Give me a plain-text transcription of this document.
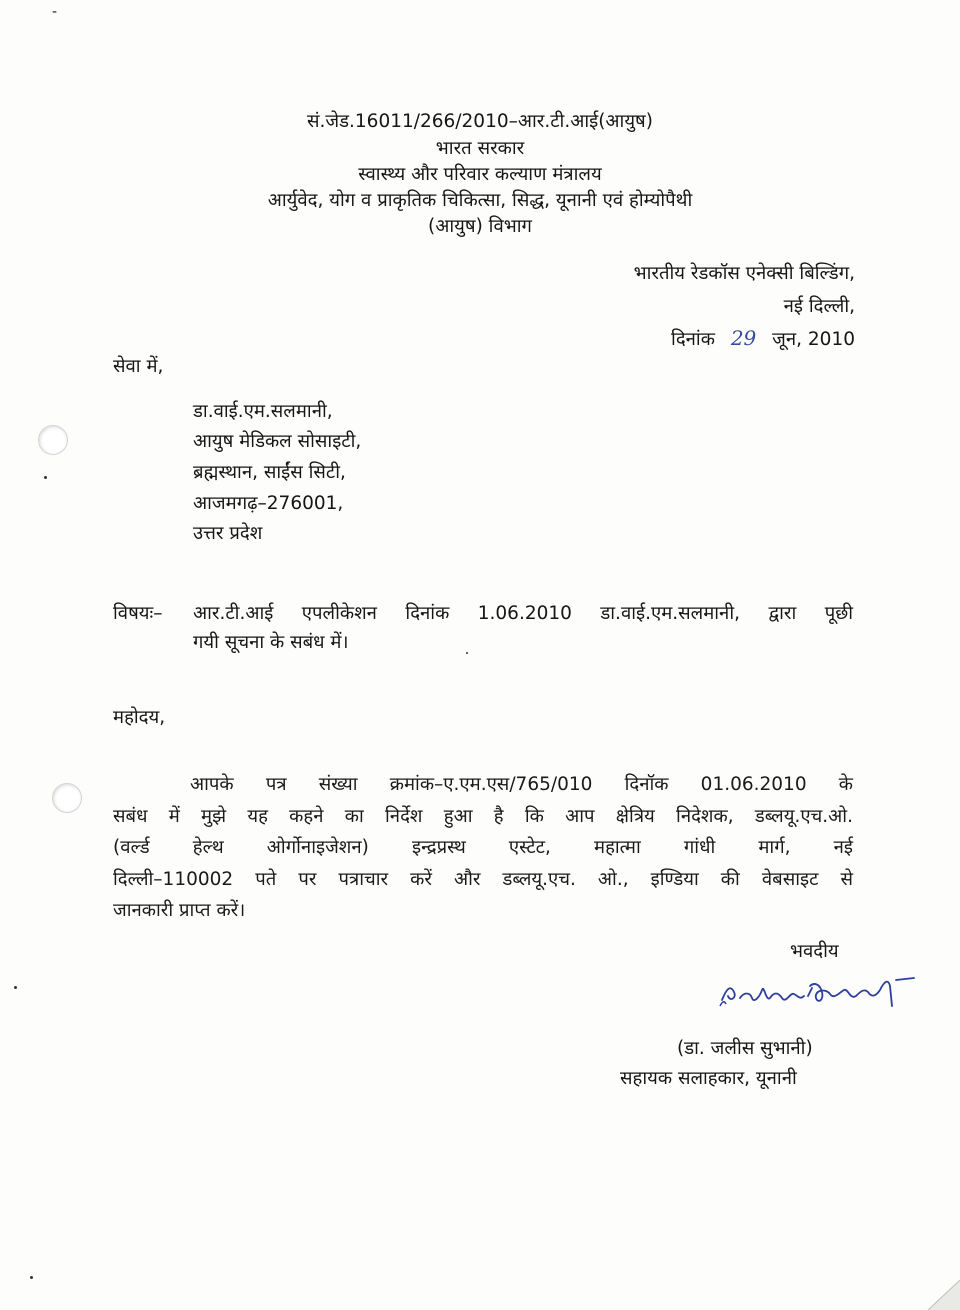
-
सं.जेड.16011/266/2010–आर.टी.आई(आयुष)
भारत सरकार
स्वास्थ्य और परिवार कल्याण मंत्रालय
आर्युवेद, योग व प्राकृतिक चिकित्सा, सिद्ध, यूनानी एवं होम्योपैथी
(आयुष) विभाग
भारतीय रेडकॉस एनेक्सी बिल्डिंग,
नई दिल्ली,
दिनांक 29 जून, 2010
सेवा में,
डा.वाई.एम.सलमानी,
आयुष मेडिकल सोसाइटी,
ब्रह्मस्थान, साईंस सिटी,
आजमगढ़–276001,
उत्तर प्रदेश
विषयः– आर.टी.आई एपलीकेशन दिनांक 1.06.2010 डा.वाई.एम.सलमानी, द्वारा पूछी
गयी सूचना के सबंध में।
महोदय,
आपके पत्र संख्या क्रमांक–ए.एम.एस/765/010 दिनॉक 01.06.2010 के
सबंध में मुझे यह कहने का निर्देश हुआ है कि आप क्षेत्रिय निदेशक, डब्लयू.एच.ओ.
(वर्ल्ड हेल्थ ओर्गोनाइजेशन) इन्द्रप्रस्थ एस्टेट, महात्मा गांधी मार्ग, नई
दिल्ली–110002 पते पर पत्राचार करें और डब्लयू.एच. ओ., इण्डिया की वेबसाइट से
जानकारी प्राप्त करें।
भवदीय
(डा. जलीस सुभानी)
सहायक सलाहकार, यूनानी
